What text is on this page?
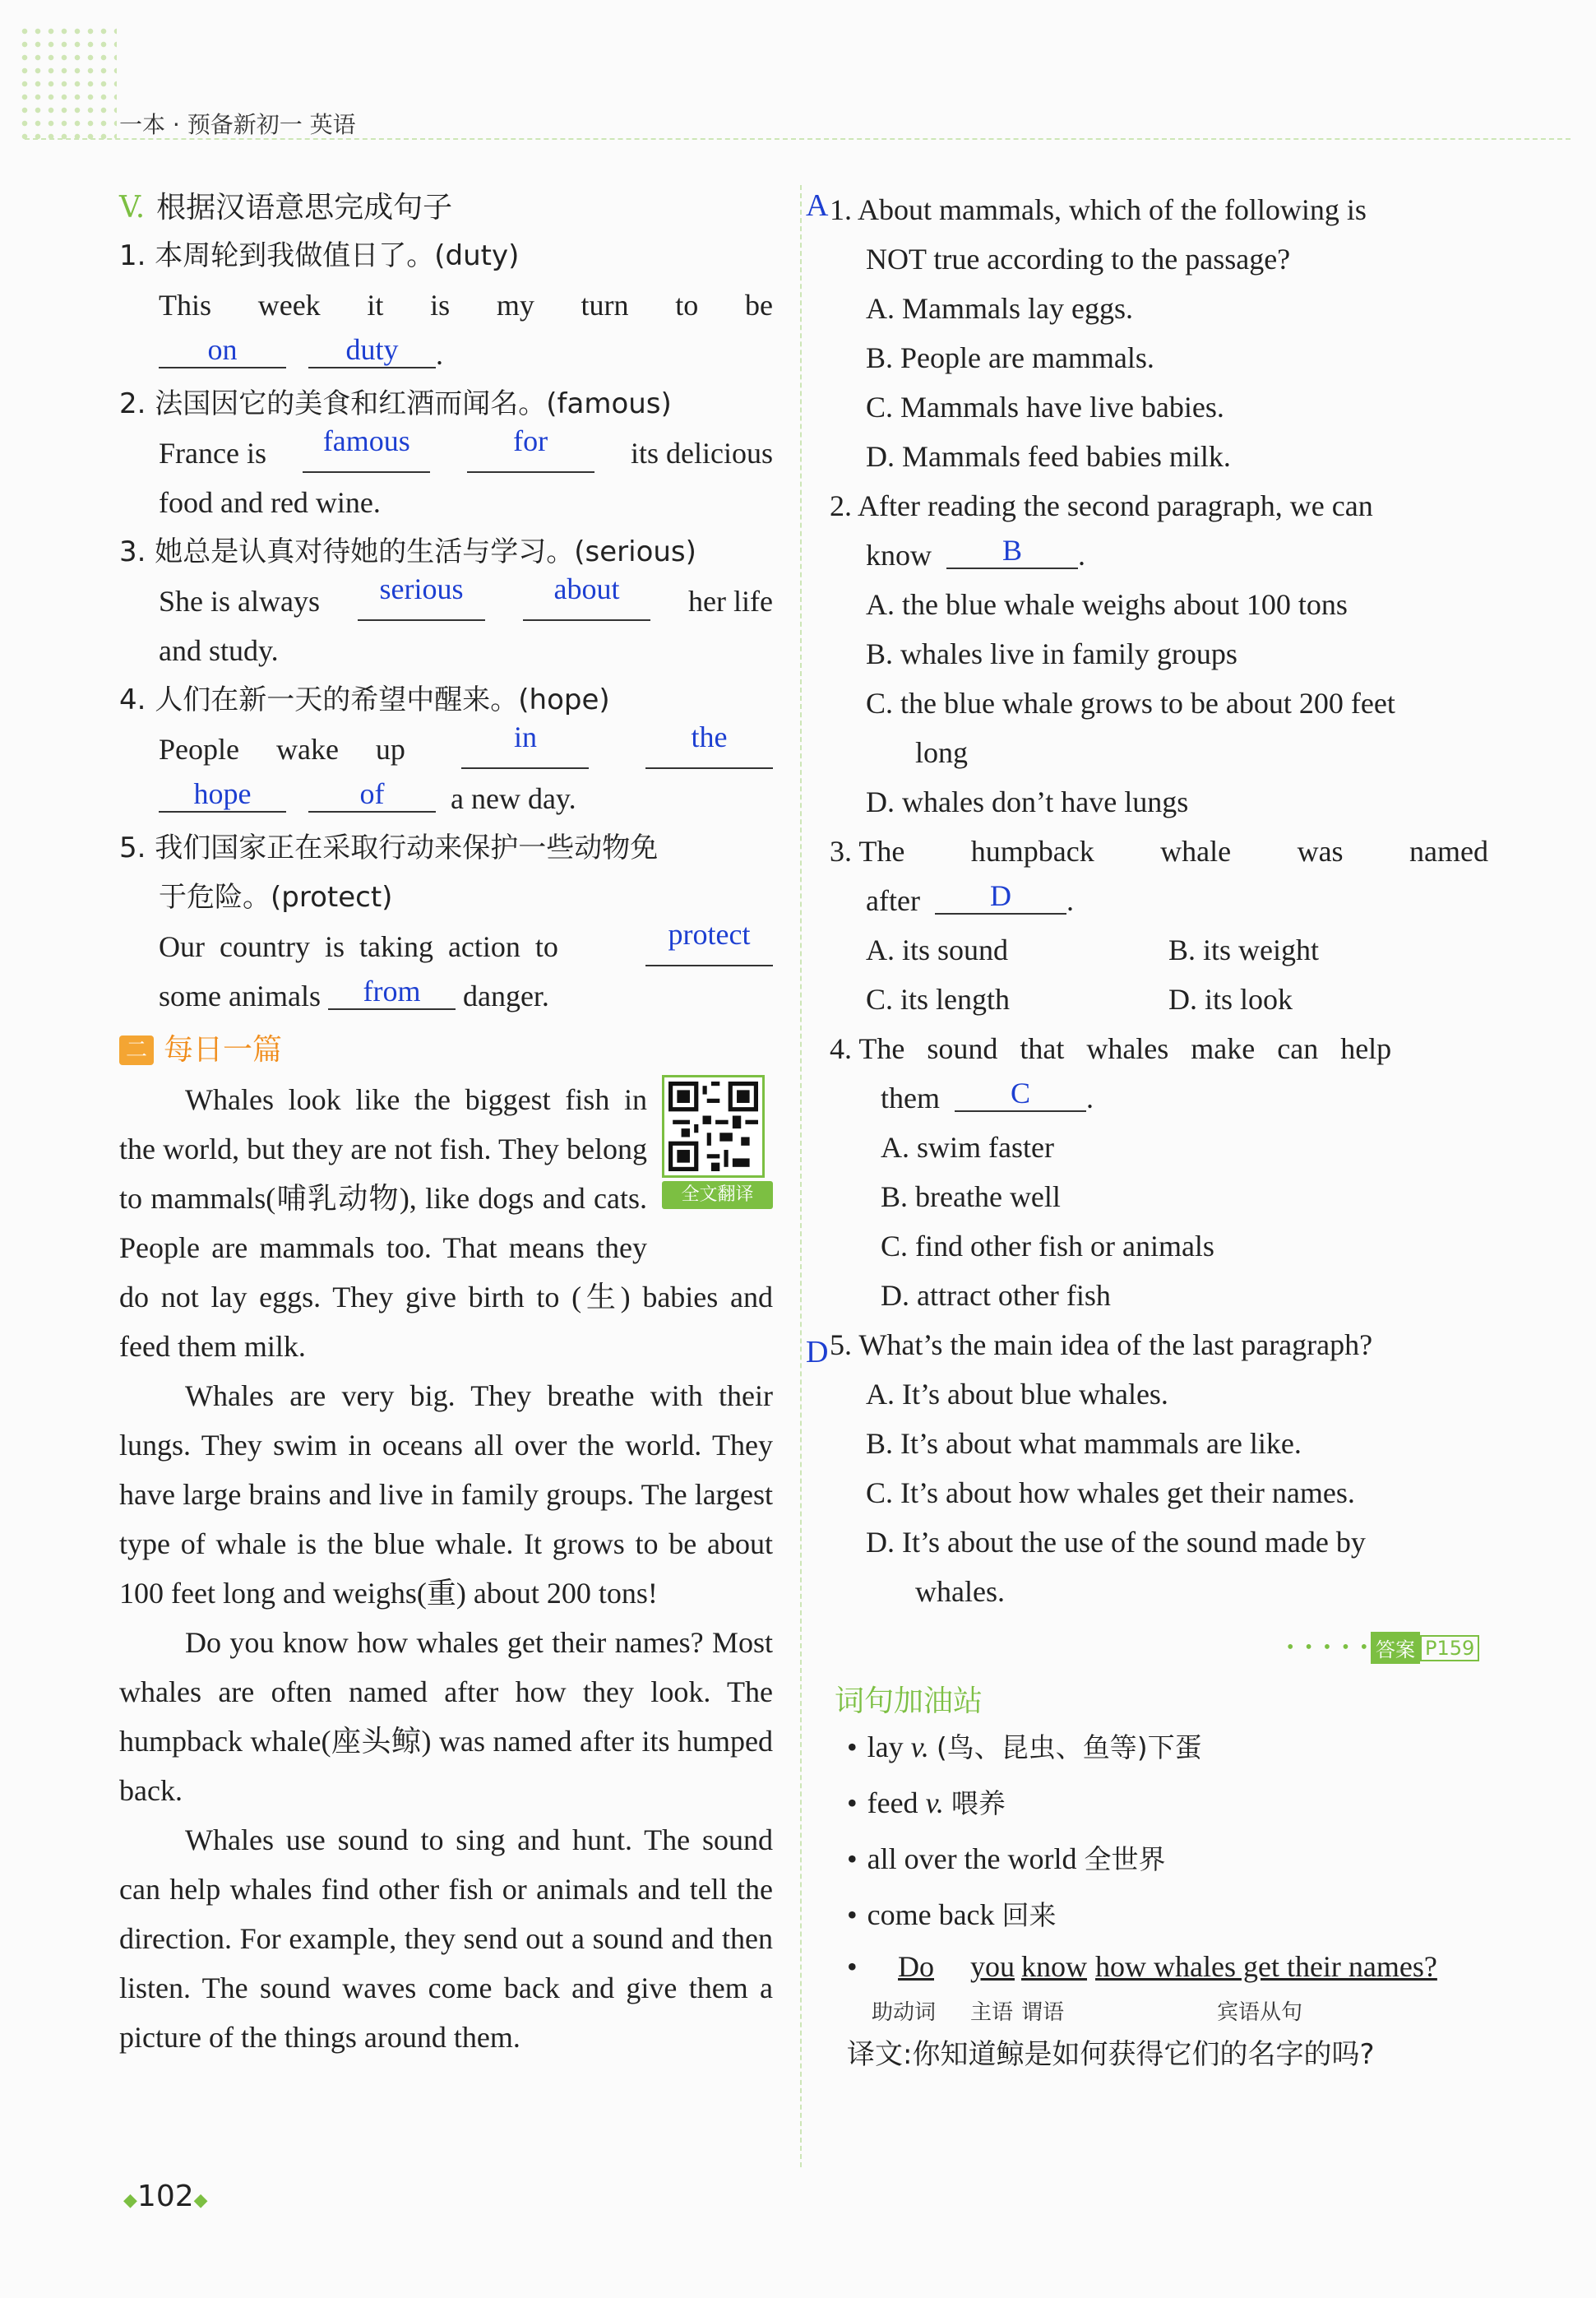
一本 · 预备新初一 英语
V. 根据汉语意思完成句子
1. 本周轮到我做值日了。(duty)
This week it is my turn to be
on	duty .
2. 法国因它的美食和红酒而闻名。(famous)
France is	famous	for	its delicious
food and red wine.
3. 她总是认真对待她的生活与学习。(serious)
She is always	serious	about	her life
and study.
4. 人们在新一天的希望中醒来。(hope)
People     wake     up	in	the
hope	of a new day.
5. 我们国家正在采取行动来保护一些动物免
于危险。(protect)
Our  country  is  taking  action  to	protect
some animals from danger.
二 每日一篇
全文翻译

Whales look like the biggest fish in the world, but they are not fish. They belong to mammals(哺乳动物), like dogs and cats. People are mammals too. That means they do not lay eggs. They give birth to (生) babies and feed them milk.

Whales are very big. They breathe with their lungs. They swim in oceans all over the world. They have large brains and live in family groups. The largest type of whale is the blue whale. It grows to be about 100 feet long and weighs(重) about 200 tons!

Do you know how whales get their names? Most whales are often named after how they look. The humpback whale(座头鲸) was named after its humped back.

Whales use sound to sing and hunt. The sound can help whales find other fish or animals and tell the direction. For example, they send out a sound and then listen. The sound waves come back and give them a picture of the things around them.

A
D
1. About mammals, which of the following is
NOT true according to the passage?
A. Mammals lay eggs.
B. People are mammals.
C. Mammals have live babies.
D. Mammals feed babies milk.
2. After reading the second paragraph, we can
know B .
A. the blue whale weighs about 100 tons
B. whales live in family groups
C. the blue whale grows to be about 200 feet
long
D. whales don’t have lungs
3. The humpback whale was named
after D .
A. its sound	B. its weight
C. its length	D. its look
4. The   sound   that   whales   make   can   help
them C .
A. swim faster
B. breathe well
C. find other fish or animals
D. attract other fish
5. What’s the main idea of the last paragraph?
A. It’s about blue whales.
B. It’s about what mammals are like.
C. It’s about how whales get their names.
D. It’s about the use of the sound made by
whales.
• • • • • 答案 P159
词句加油站
• lay v. (鸟、昆虫、鱼等)下蛋
• feed v. 喂养
• all over the world 全世界
• come back 回来
• Do you know how whales get their names?
助动词 主语 谓语	宾语从句
译文:你知道鲸是如何获得它们的名字的吗?
◆102◆
